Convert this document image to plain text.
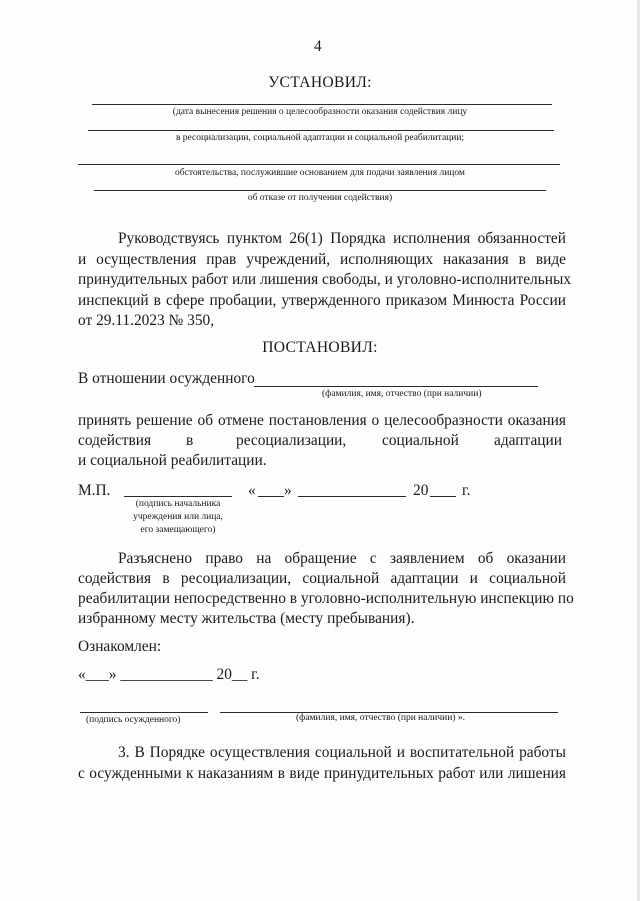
4
УСТАНОВИЛ:
(дата вынесения решения о целесообразности оказания содействия лицу
в ресоциализации, социальной адаптации и социальной реабилитации;
обстоятельства, послужившие основанием для подачи заявления лицом
об отказе от получения содействия)
Руководствуясь пунктом 26(1) Порядка исполнения обязанностей
и осуществления прав учреждений, исполняющих наказания в виде
принудительных работ или лишения свободы, и уголовно-исполнительных
инспекций в сфере пробации, утвержденного приказом Минюста России
от 29.11.2023 № 350,
ПОСТАНОВИЛ:
В отношении осужденного
(фамилия, имя, отчество (при наличии)
принять решение об отмене постановления о целесообразности оказания
содействия в	ресоциализации, социальной адаптации
и социальной реабилитации.
М.П.
(подпись начальника
учреждения или лица,
его замещающего)
« »	20 г.
Разъяснено право на обращение с заявлением об оказании
содействия в ресоциализации, социальной адаптации и социальной
реабилитации непосредственно в уголовно-исполнительную инспекцию по
избранному месту жительства (месту пребывания).
Ознакомлен:
«___» ____________ 20__ г.
(подпись осужденного)	(фамилия, имя, отчество (при наличии) ».
3. В Порядке осуществления социальной и воспитательной работы
с осужденными к наказаниям в виде принудительных работ или лишения
